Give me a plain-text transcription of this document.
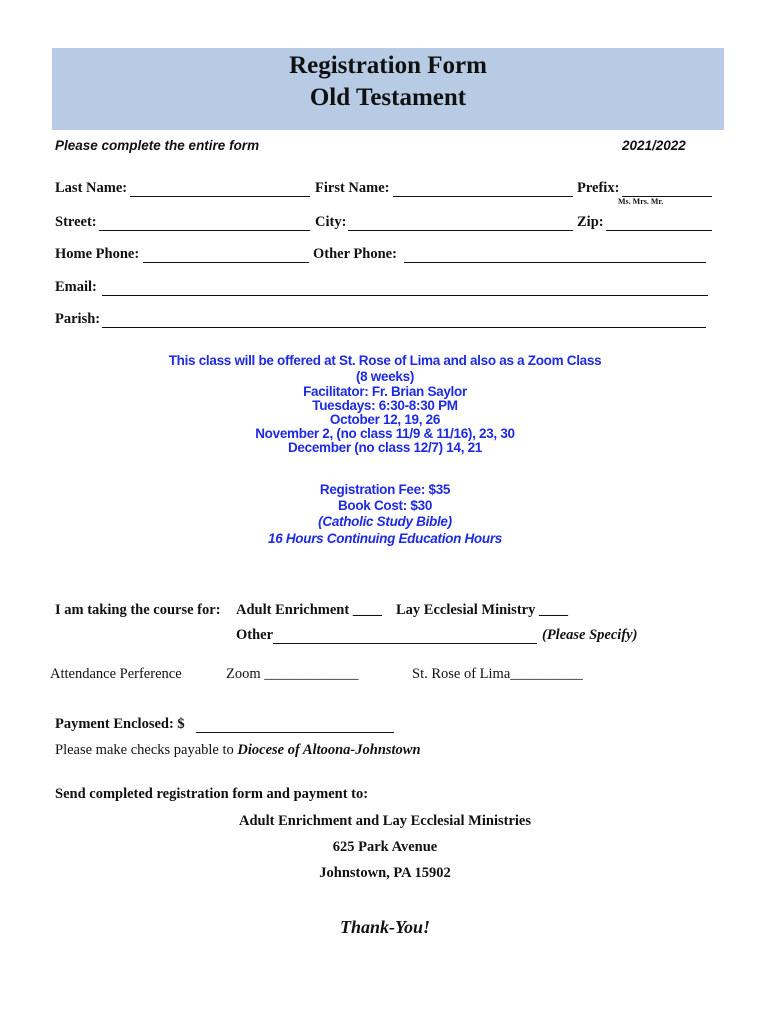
Registration Form
Old Testament
Please complete the entire form	2021/2022
Last Name:	First Name:	Prefix:
Ms. Mrs. Mr.
Street:	City:	Zip:
Home Phone:	Other Phone:
Email:
Parish:
This class will be offered at St. Rose of Lima and also as a Zoom Class
(8 weeks)
Facilitator: Fr. Brian Saylor
Tuesdays: 6:30-8:30 PM
October 12, 19, 26
November 2, (no class 11/9 & 11/16), 23, 30
December (no class 12/7) 14, 21
Registration Fee: $35
Book Cost: $30
(Catholic Study Bible)
16 Hours Continuing Education Hours
I am taking the course for: Adult Enrichment ____ Lay Ecclesial Ministry ____
Other	(Please Specify)
Attendance Perference	Zoom _____________	St. Rose of Lima__________
Payment Enclosed: $
Please make checks payable to Diocese of Altoona-Johnstown
Send completed registration form and payment to:
Adult Enrichment and Lay Ecclesial Ministries
625 Park Avenue
Johnstown, PA 15902
Thank-You!
